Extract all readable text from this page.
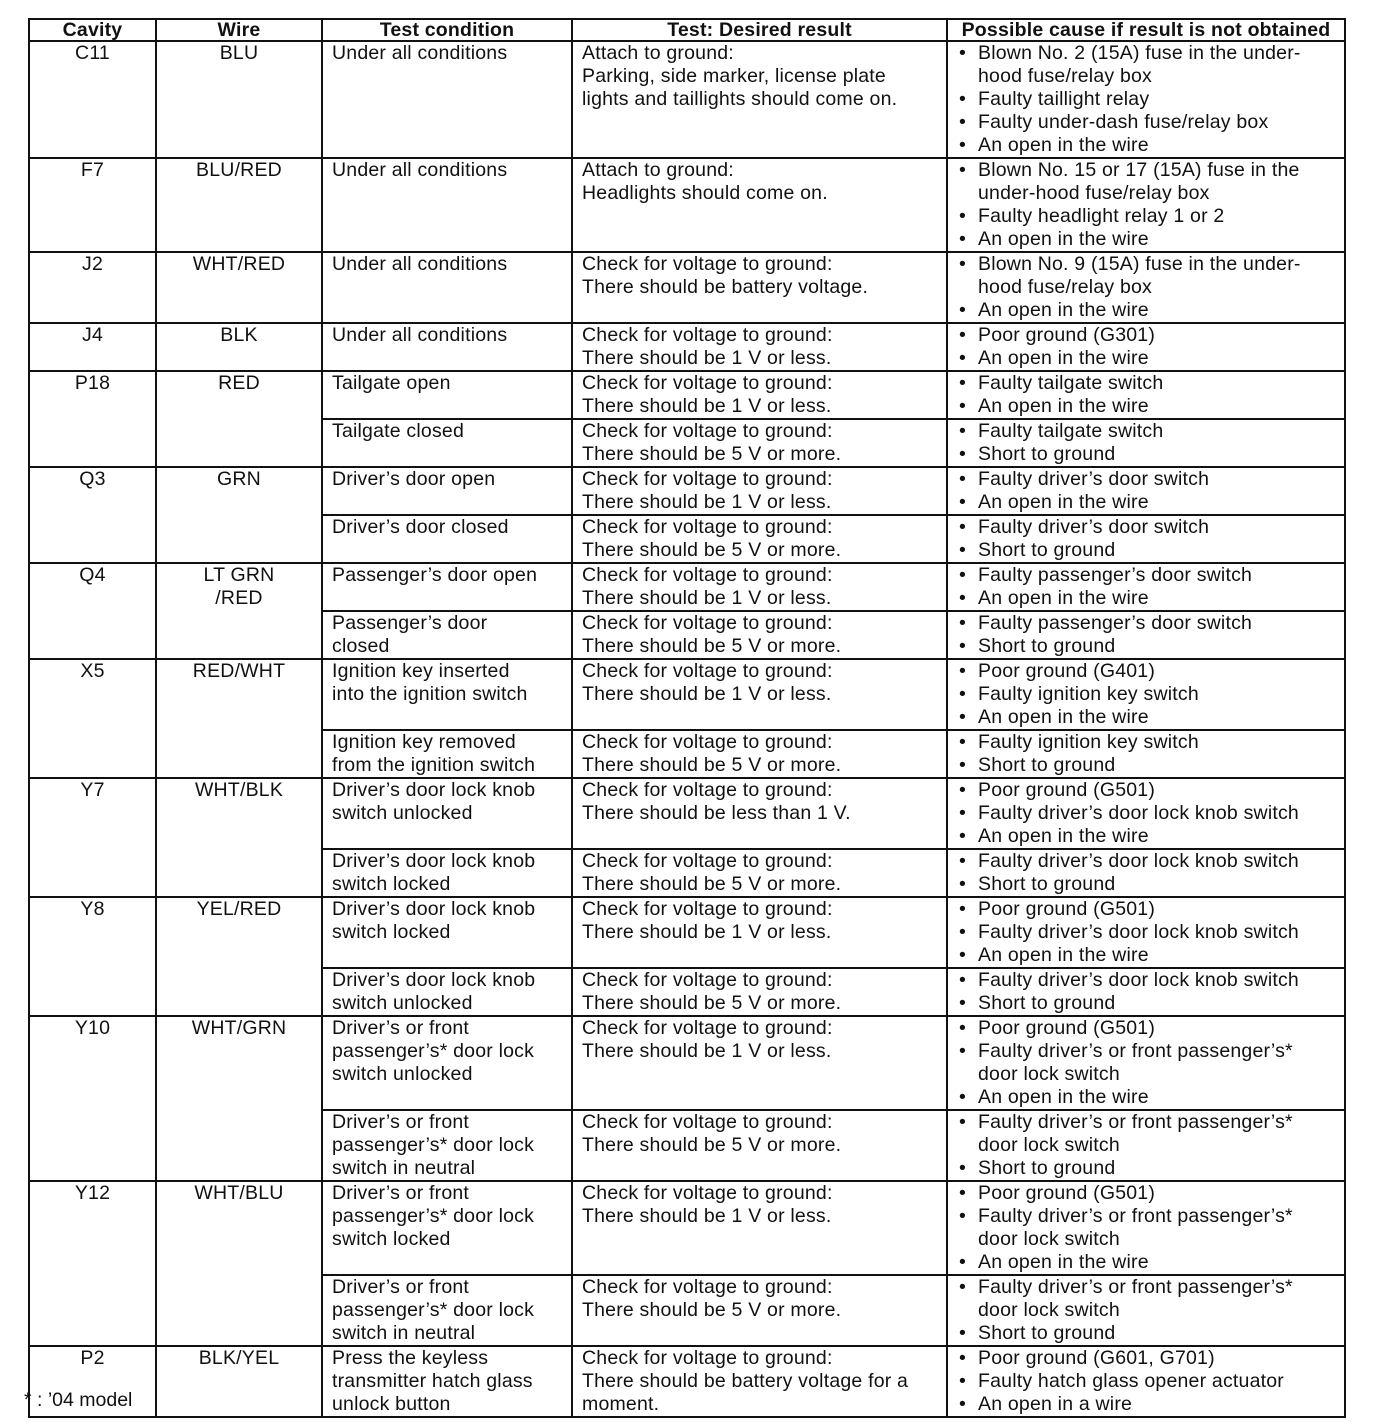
Cavity	Wire	Test condition	Test: Desired result	Possible cause if result is not obtained

C11	BLU	Under all conditions	Attach to ground:
Parking, side marker, license plate
lights and taillights should come on.	• Blown No. 2 (15A) fuse in the under-
hood fuse/relay box
• Faulty taillight relay
• Faulty under-dash fuse/relay box
• An open in the wire

F7	BLU/RED	Under all conditions	Attach to ground:
Headlights should come on.	• Blown No. 15 or 17 (15A) fuse in the
under-hood fuse/relay box
• Faulty headlight relay 1 or 2
• An open in the wire

J2	WHT/RED	Under all conditions	Check for voltage to ground:
There should be battery voltage.	• Blown No. 9 (15A) fuse in the under-
hood fuse/relay box
• An open in the wire

J4	BLK	Under all conditions	Check for voltage to ground:
There should be 1 V or less.	• Poor ground (G301)
• An open in the wire

P18	RED	Tailgate open	Check for voltage to ground:
There should be 1 V or less.	• Faulty tailgate switch
• An open in the wire

		Tailgate closed	Check for voltage to ground:
There should be 5 V or more.	• Faulty tailgate switch
• Short to ground

Q3	GRN	Driver’s door open	Check for voltage to ground:
There should be 1 V or less.	• Faulty driver’s door switch
• An open in the wire

		Driver’s door closed	Check for voltage to ground:
There should be 5 V or more.	• Faulty driver’s door switch
• Short to ground

Q4	LT GRN
/RED	Passenger’s door open	Check for voltage to ground:
There should be 1 V or less.	• Faulty passenger’s door switch
• An open in the wire

		Passenger’s door
closed	Check for voltage to ground:
There should be 5 V or more.	• Faulty passenger’s door switch
• Short to ground

X5	RED/WHT	Ignition key inserted
into the ignition switch	Check for voltage to ground:
There should be 1 V or less.	• Poor ground (G401)
• Faulty ignition key switch
• An open in the wire

		Ignition key removed
from the ignition switch	Check for voltage to ground:
There should be 5 V or more.	• Faulty ignition key switch
• Short to ground

Y7	WHT/BLK	Driver’s door lock knob
switch unlocked	Check for voltage to ground:
There should be less than 1 V.	• Poor ground (G501)
• Faulty driver’s door lock knob switch
• An open in the wire

		Driver’s door lock knob
switch locked	Check for voltage to ground:
There should be 5 V or more.	• Faulty driver’s door lock knob switch
• Short to ground

Y8	YEL/RED	Driver’s door lock knob
switch locked	Check for voltage to ground:
There should be 1 V or less.	• Poor ground (G501)
• Faulty driver’s door lock knob switch
• An open in the wire

		Driver’s door lock knob
switch unlocked	Check for voltage to ground:
There should be 5 V or more.	• Faulty driver’s door lock knob switch
• Short to ground

Y10	WHT/GRN	Driver’s or front
passenger’s* door lock
switch unlocked	Check for voltage to ground:
There should be 1 V or less.	• Poor ground (G501)
• Faulty driver’s or front passenger’s*
door lock switch
• An open in the wire

		Driver’s or front
passenger’s* door lock
switch in neutral	Check for voltage to ground:
There should be 5 V or more.	• Faulty driver’s or front passenger’s*
door lock switch
• Short to ground

Y12	WHT/BLU	Driver’s or front
passenger’s* door lock
switch locked	Check for voltage to ground:
There should be 1 V or less.	• Poor ground (G501)
• Faulty driver’s or front passenger’s*
door lock switch
• An open in the wire

		Driver’s or front
passenger’s* door lock
switch in neutral	Check for voltage to ground:
There should be 5 V or more.	• Faulty driver’s or front passenger’s*
door lock switch
• Short to ground

P2	BLK/YEL	Press the keyless
transmitter hatch glass
unlock button	Check for voltage to ground:
There should be battery voltage for a
moment.	• Poor ground (G601, G701)
• Faulty hatch glass opener actuator
• An open in a wire
* : ’04 model
